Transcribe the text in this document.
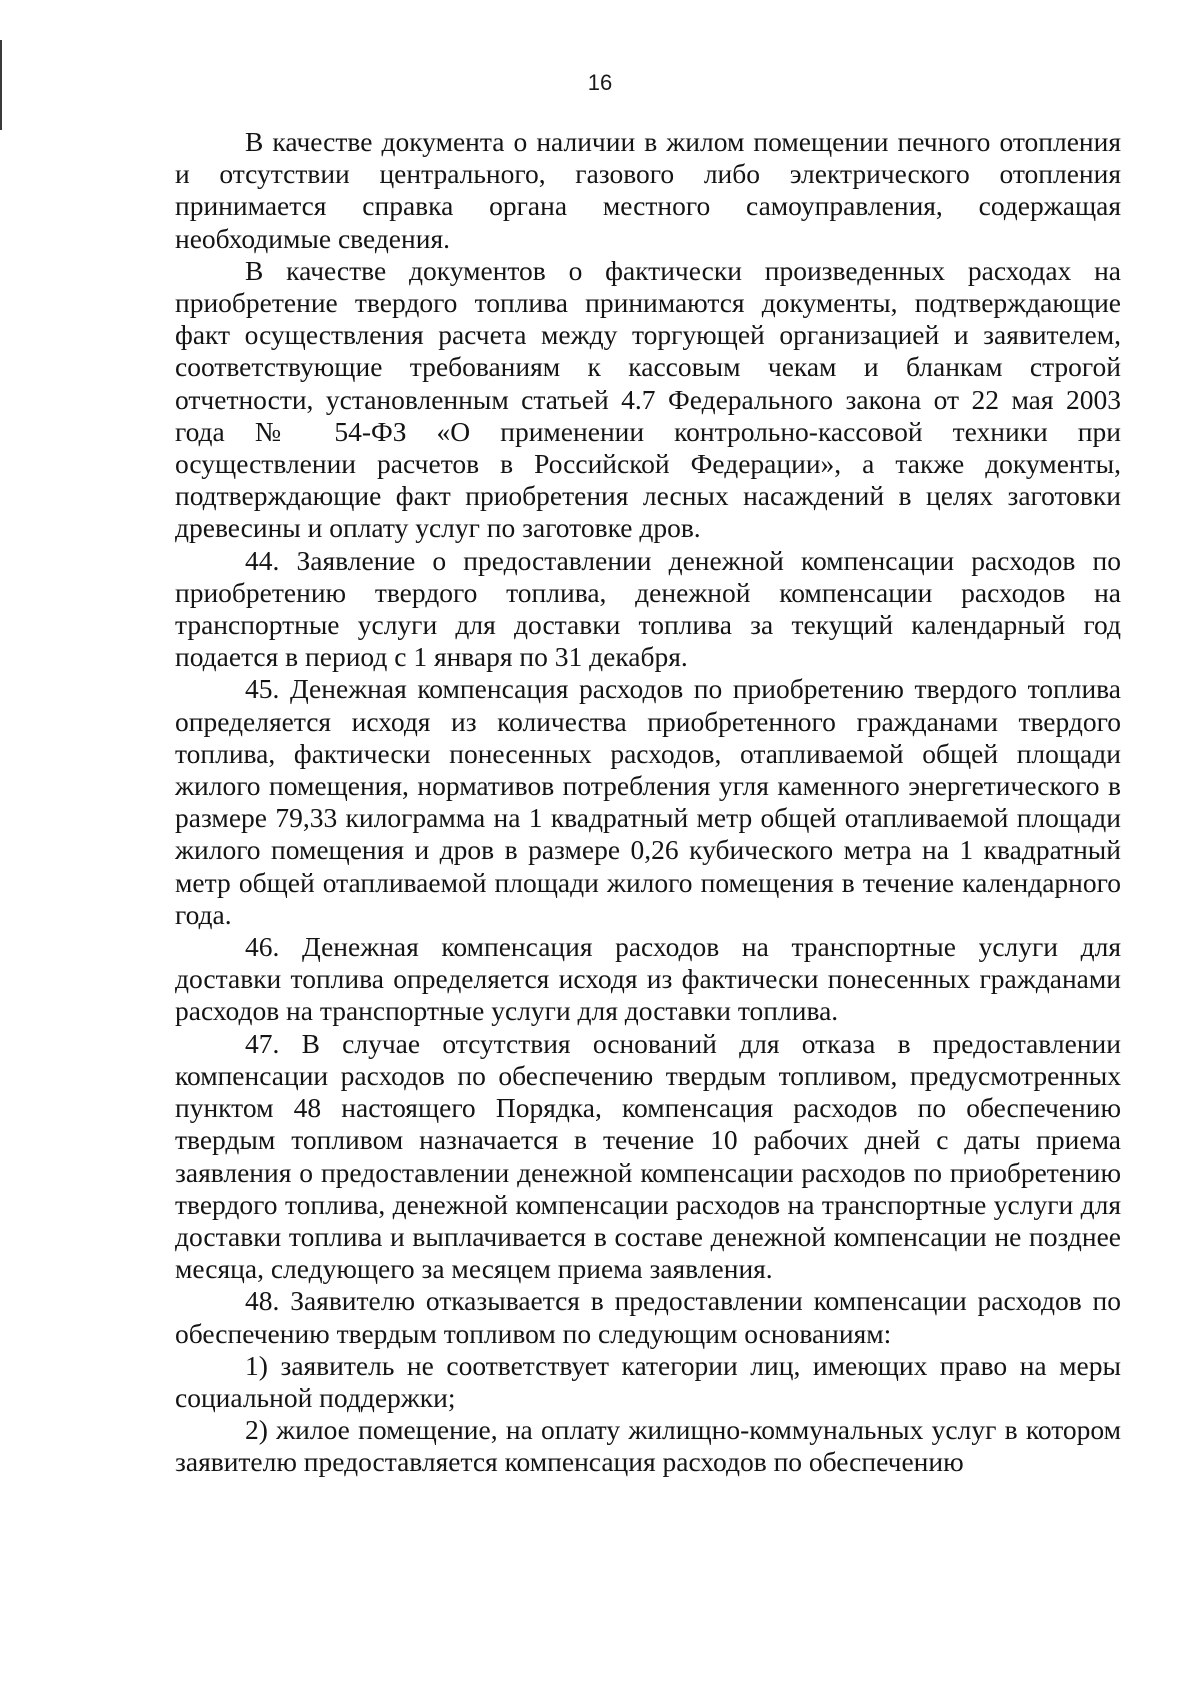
16

В качестве документа о наличии в жилом помещении печного отопления и отсутствии центрального, газового либо электрического отопления принимается справка органа местного самоуправления, содержащая необходимые сведения.

В качестве документов о фактически произведенных расходах на приобретение твердого топлива принимаются документы, подтверждающие факт осуществления расчета между торгующей организацией и заявителем, соответствующие требованиям к кассовым чекам и бланкам строгой отчетности, установленным статьей 4.7 Федерального закона от 22 мая 2003 года № 54-ФЗ «О применении контрольно-кассовой техники при осуществлении расчетов в Российской Федерации», а также документы, подтверждающие факт приобретения лесных насаждений в целях заготовки древесины и оплату услуг по заготовке дров.

44. Заявление о предоставлении денежной компенсации расходов по приобретению твердого топлива, денежной компенсации расходов на транспортные услуги для доставки топлива за текущий календарный год подается в период с 1 января по 31 декабря.

45. Денежная компенсация расходов по приобретению твердого топлива определяется исходя из количества приобретенного гражданами твердого топлива, фактически понесенных расходов, отапливаемой общей площади жилого помещения, нормативов потребления угля каменного энергетического в размере 79,33 килограмма на 1 квадратный метр общей отапливаемой площади жилого помещения и дров в размере 0,26 кубического метра на 1 квадратный метр общей отапливаемой площади жилого помещения в течение календарного года.

46. Денежная компенсация расходов на транспортные услуги для доставки топлива определяется исходя из фактически понесенных гражданами расходов на транспортные услуги для доставки топлива.

47. В случае отсутствия оснований для отказа в предоставлении компенсации расходов по обеспечению твердым топливом, предусмотренных пунктом 48 настоящего Порядка, компенсация расходов по обеспечению твердым топливом назначается в течение 10 рабочих дней с даты приема заявления о предоставлении денежной компенсации расходов по приобретению твердого топлива, денежной компенсации расходов на транспортные услуги для доставки топлива и выплачивается в составе денежной компенсации не позднее месяца, следующего за месяцем приема заявления.

48. Заявителю отказывается в предоставлении компенсации расходов по обеспечению твердым топливом по следующим основаниям:

1) заявитель не соответствует категории лиц, имеющих право на меры социальной поддержки;

2) жилое помещение, на оплату жилищно-коммунальных услуг в котором заявителю предоставляется компенсация расходов по обеспечению
